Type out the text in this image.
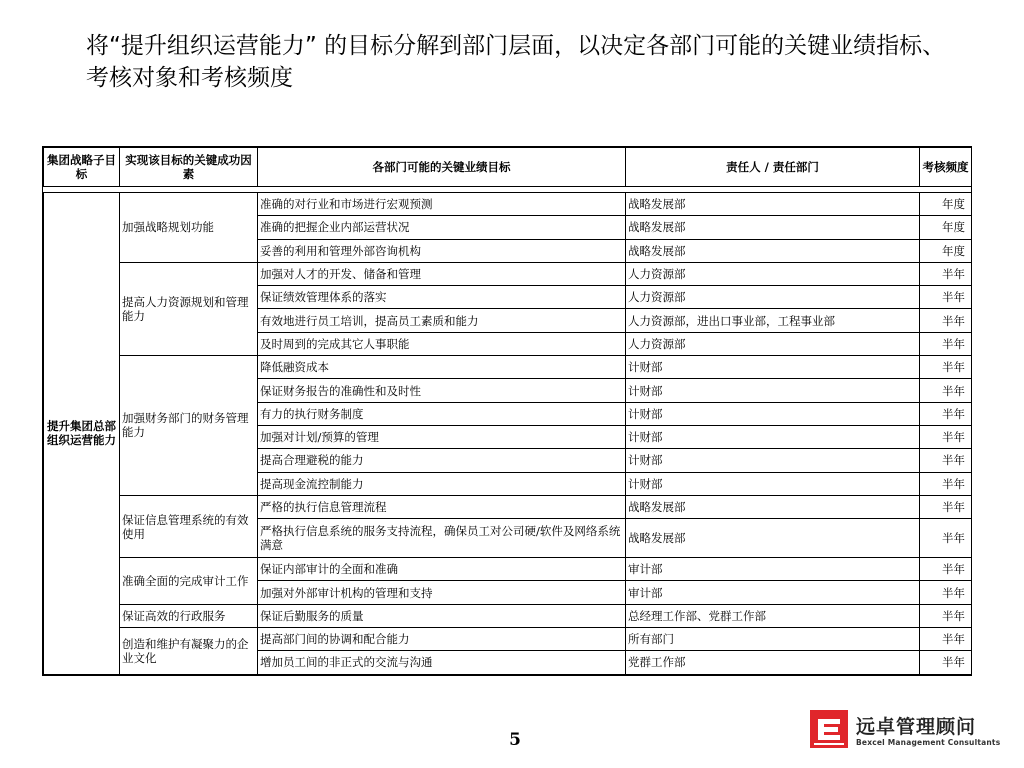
将“提升组织运营能力” 的目标分解到部门层面，以决定各部门可能的关键业绩指标、考核对象和考核频度
集团战略子目标	实现该目标的关键成功因素	各部门可能的关键业绩目标	责任人 / 责任部门	考核频度

提升集团总部组织运营能力	加强战略规划功能	准确的对行业和市场进行宏观预测	战略发展部	年度
		准确的把握企业内部运营状况	战略发展部	年度
		妥善的利用和管理外部咨询机构	战略发展部	年度
	提高人力资源规划和管理能力	加强对人才的开发、储备和管理	人力资源部	半年
		保证绩效管理体系的落实	人力资源部	半年
		有效地进行员工培训，提高员工素质和能力	人力资源部，进出口事业部，工程事业部	半年
		及时周到的完成其它人事职能	人力资源部	半年
	加强财务部门的财务管理能力	降低融资成本	计财部	半年
		保证财务报告的准确性和及时性	计财部	半年
		有力的执行财务制度	计财部	半年
		加强对计划/预算的管理	计财部	半年
		提高合理避税的能力	计财部	半年
		提高现金流控制能力	计财部	半年
	保证信息管理系统的有效使用	严格的执行信息管理流程	战略发展部	半年
		严格执行信息系统的服务支持流程，确保员工对公司硬/软件及网络系统满意	战略发展部	半年
	准确全面的完成审计工作	保证内部审计的全面和准确	审计部	半年
		加强对外部审计机构的管理和支持	审计部	半年
	保证高效的行政服务	保证后勤服务的质量	总经理工作部、党群工作部	半年
	创造和维护有凝聚力的企业文化	提高部门间的协调和配合能力	所有部门	半年
		增加员工间的非正式的交流与沟通	党群工作部	半年
5
远卓管理顾问
Bexcel Management Consultants
